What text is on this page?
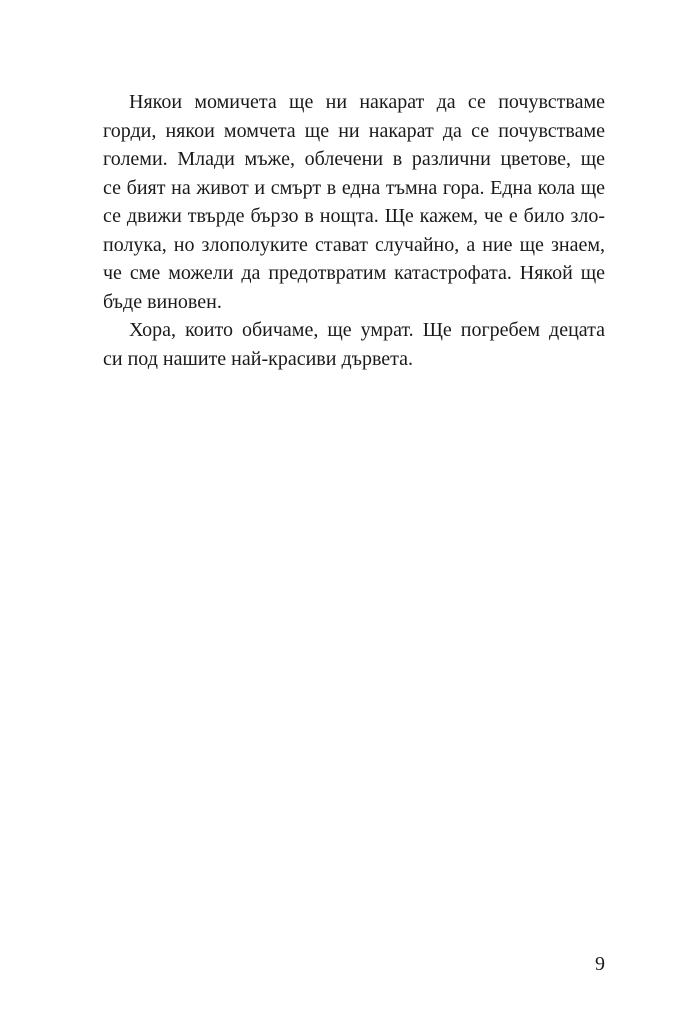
Някои момичета ще ни накарат да се почувстваме
горди, някои момчета ще ни накарат да се почувстваме
големи. Млади мъже, облечени в различни цветове, ще
се бият на живот и смърт в една тъмна гора. Една кола ще
се движи твърде бързо в нощта. Ще кажем, че е било зло-
полука, но злополуките стават случайно, а ние ще знаем,
че сме можели да предотвратим катастрофата. Някой ще
бъде виновен.
Хора, които обичаме, ще умрат. Ще погребем децата
си под нашите най-красиви дървета.
9
